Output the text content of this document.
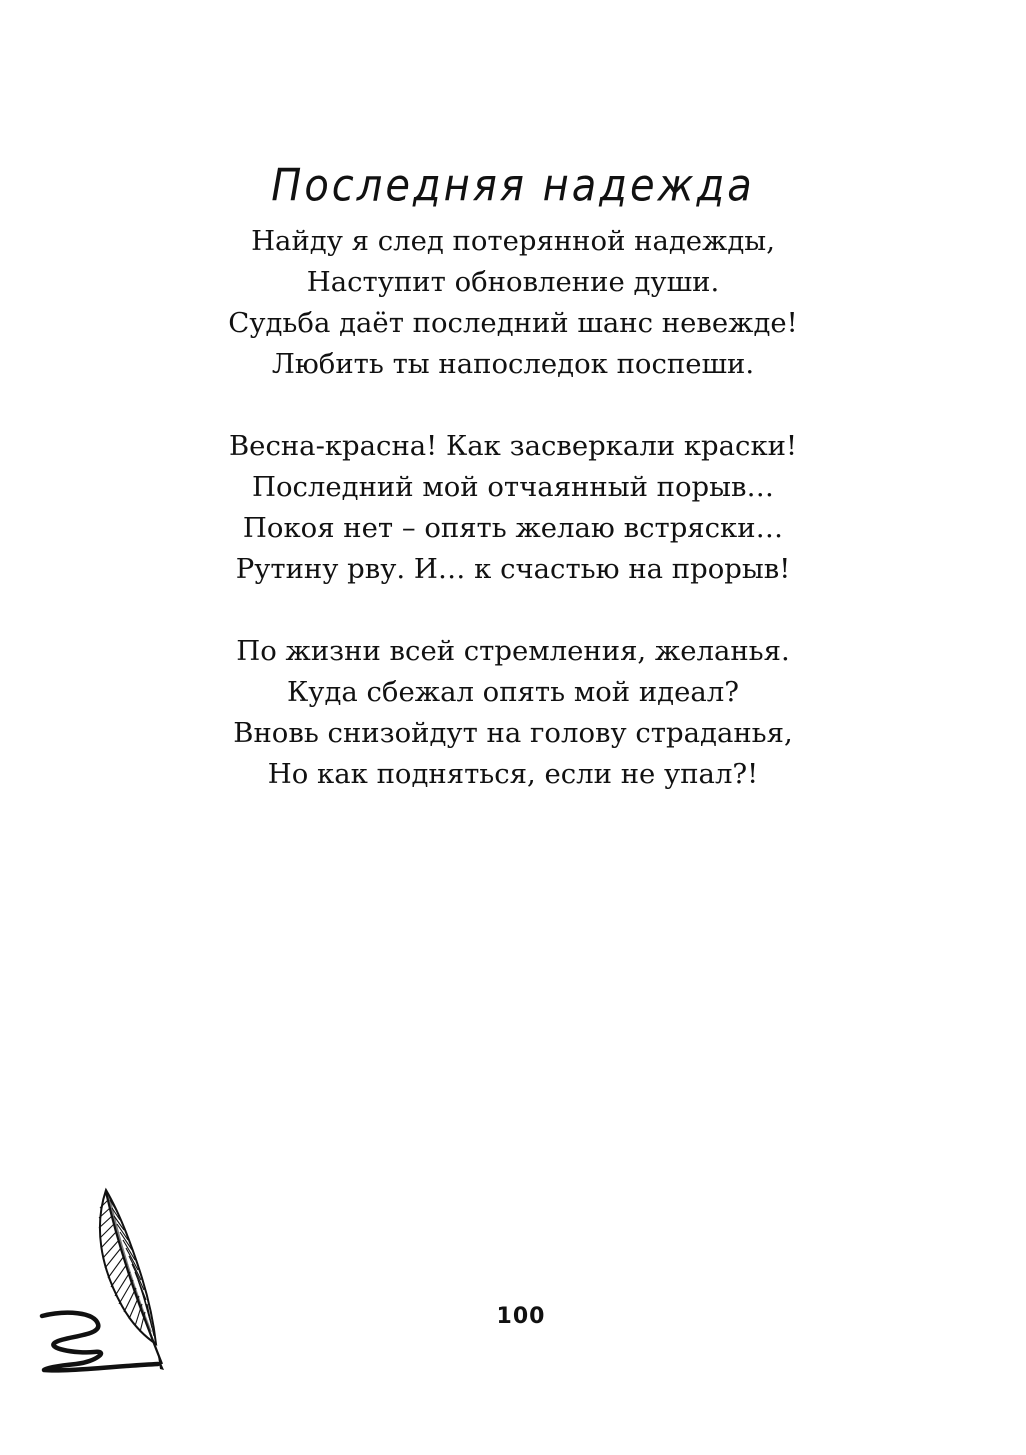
Последняя надежда
Найду я след потерянной надежды,
Наступит обновление души.
Судьба даёт последний шанс невежде!
Любить ты напоследок поспеши.
Весна-красна! Как засверкали краски!
Последний мой отчаянный порыв…
Покоя нет – опять желаю встряски…
Рутину рву. И… к счастью на прорыв!
По жизни всей стремления, желанья.
Куда сбежал опять мой идеал?
Вновь снизойдут на голову страданья,
Но как подняться, если не упал?!
100
